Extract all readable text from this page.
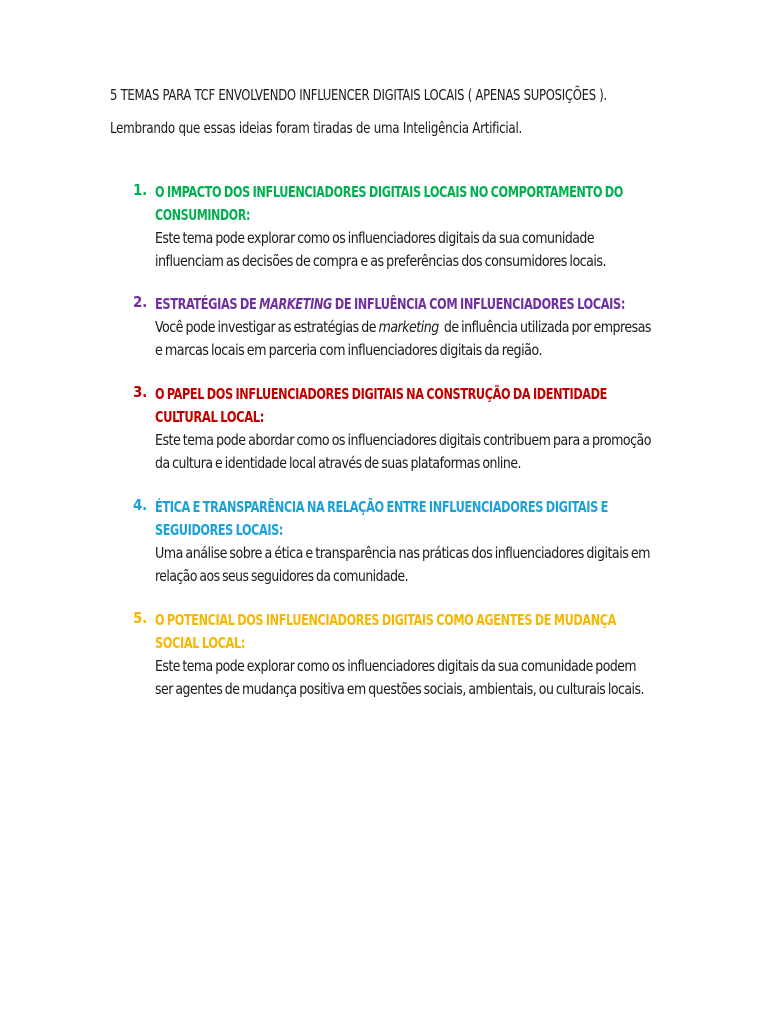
5 TEMAS PARA TCF ENVOLVENDO INFLUENCER DIGITAIS LOCAIS ( APENAS SUPOSIÇÕES ).
Lembrando que essas ideias foram tiradas de uma Inteligência Artificial.
1. O IMPACTO DOS INFLUENCIADORES DIGITAIS LOCAIS NO COMPORTAMENTO DO
CONSUMINDOR:
Este tema pode explorar como os influenciadores digitais da sua comunidade
influenciam as decisões de compra e as preferências dos consumidores locais.
2. ESTRATÉGIAS DE MARKETING DE INFLUÊNCIA COM INFLUENCIADORES LOCAIS:
Você pode investigar as estratégias de marketing  de influência utilizada por empresas
e marcas locais em parceria com influenciadores digitais da região.
3. O PAPEL DOS INFLUENCIADORES DIGITAIS NA CONSTRUÇÃO DA IDENTIDADE
CULTURAL LOCAL:
Este tema pode abordar como os influenciadores digitais contribuem para a promoção
da cultura e identidade local através de suas plataformas online.
4. ÉTICA E TRANSPARÊNCIA NA RELAÇÃO ENTRE INFLUENCIADORES DIGITAIS E
SEGUIDORES LOCAIS:
Uma análise sobre a ética e transparência nas práticas dos influenciadores digitais em
relação aos seus seguidores da comunidade.
5. O POTENCIAL DOS INFLUENCIADORES DIGITAIS COMO AGENTES DE MUDANÇA
SOCIAL LOCAL:
Este tema pode explorar como os influenciadores digitais da sua comunidade podem
ser agentes de mudança positiva em questões sociais, ambientais, ou culturais locais.
